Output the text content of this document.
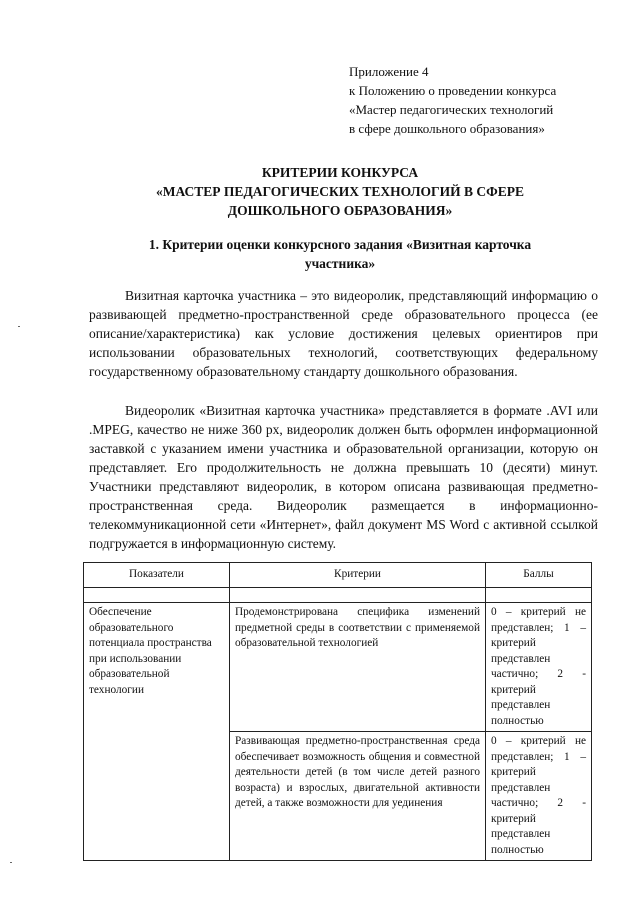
Приложение 4
к Положению о проведении конкурса
«Мастер педагогических технологий
в сфере дошкольного образования»
КРИТЕРИИ КОНКУРСА
«МАСТЕР ПЕДАГОГИЧЕСКИХ ТЕХНОЛОГИЙ В СФЕРЕ
ДОШКОЛЬНОГО ОБРАЗОВАНИЯ»
1. Критерии оценки конкурсного задания «Визитная карточка
участника»

Визитная карточка участника – это видеоролик, представляющий информацию о развивающей предметно-пространственной среде образовательного процесса (ее описание/характеристика) как условие достижения целевых ориентиров при использовании образовательных технологий, соответствующих федеральному государственному образовательному стандарту дошкольного образования.

Видеоролик «Визитная карточка участника» представляется в формате .AVI или .MPEG, качество не ниже 360 px, видеоролик должен быть оформлен информационной заставкой с указанием имени участника и образовательной организации, которую он представляет. Его продолжительность не должна превышать 10 (десяти) минут. Участники представляют видеоролик, в котором описана развивающая предметно-пространственная среда. Видеоролик размещается в информационно-телекоммуникационной сети «Интернет», файл документ MS Word с активной ссылкой подгружается в информационную систему.

Показатели	Критерии	Баллы

Обеспечение образовательного потенциала пространства при использовании образовательной технологии	Продемонстрирована специфика изменений предметной среды в соответствии с применяемой образовательной технологией	0 – критерий не представлен; 1 – критерий представлен частично; 2 - критерий представлен полностью
	Развивающая предметно-пространственная среда обеспечивает возможность общения и совместной деятельности детей (в том числе детей разного возраста) и взрослых, двигательной активности детей, а также возможности для уединения	0 – критерий не представлен; 1 – критерий представлен частично; 2 - критерий представлен полностью
